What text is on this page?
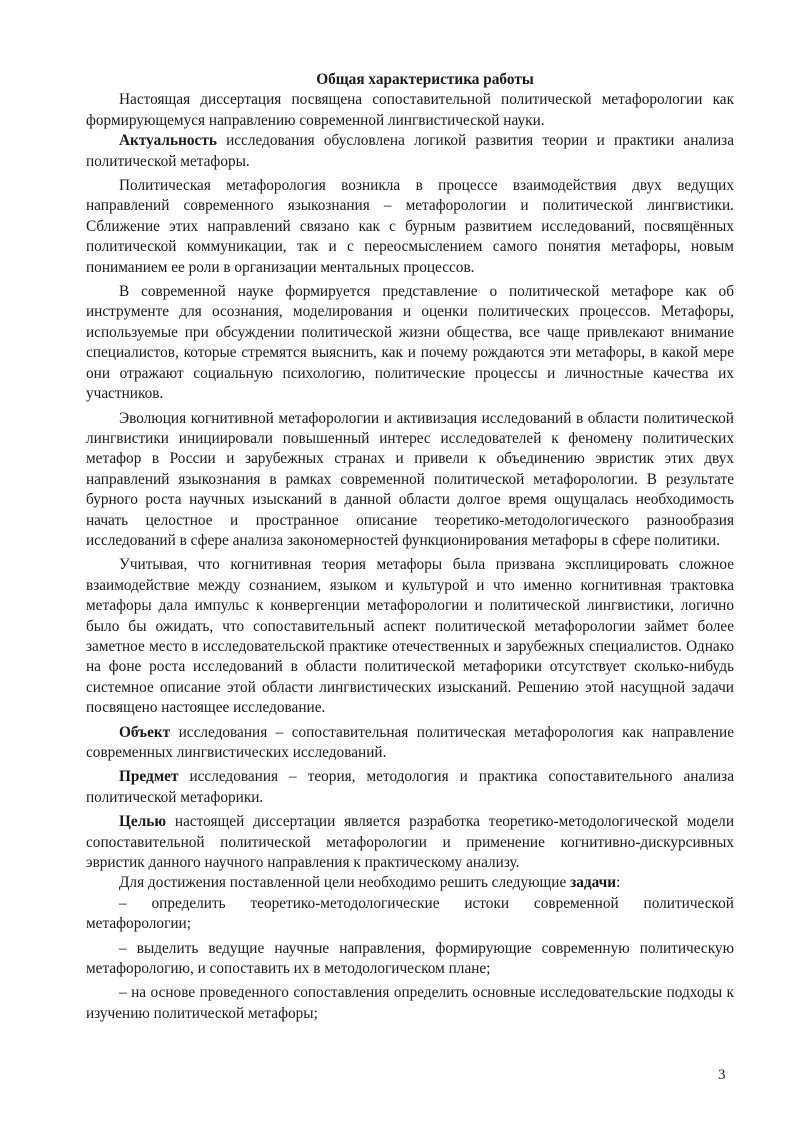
Общая характеристика работы

Настоящая диссертация посвящена сопоставительной политической метафорологии как формирующемуся направлению современной лингвистической науки.

Актуальность исследования обусловлена логикой развития теории и практики анализа политической метафоры.

Политическая метафорология возникла в процессе взаимодействия двух ведущих направлений современного языкознания – метафорологии и политической лингвистики. Сближение этих направлений связано как с бурным развитием исследований, посвящённых политической коммуникации, так и с переосмыслением самого понятия метафоры, новым пониманием ее роли в организации ментальных процессов.

В современной науке формируется представление о политической метафоре как об инструменте для осознания, моделирования и оценки политических процессов. Метафоры, используемые при обсуждении политической жизни общества, все чаще привлекают внимание специалистов, которые стремятся выяснить, как и почему рождаются эти метафоры, в какой мере они отражают социальную психологию, политические процессы и личностные качества их участников.

Эволюция когнитивной метафорологии и активизация исследований в области политической лингвистики инициировали повышенный интерес исследователей к феномену политических метафор в России и зарубежных странах и привели к объединению эвристик этих двух направлений языкознания в рамках современной политической метафорологии. В результате бурного роста научных изысканий в данной области долгое время ощущалась необходимость начать целостное и пространное описание теоретико-методологического разнообразия исследований в сфере анализа закономерностей функционирования метафоры в сфере политики.

Учитывая, что когнитивная теория метафоры была призвана эксплицировать сложное взаимодействие между сознанием, языком и культурой и что именно когнитивная трактовка метафоры дала импульс к конвергенции метафорологии и политической лингвистики, логично было бы ожидать, что сопоставительный аспект политической метафорологии займет более заметное место в исследовательской практике отечественных и зарубежных специалистов. Однако на фоне роста исследований в области политической метафорики отсутствует сколько-нибудь системное описание этой области лингвистических изысканий. Решению этой насущной задачи посвящено настоящее исследование.

Объект исследования – сопоставительная политическая метафорология как направление современных лингвистических исследований.

Предмет исследования – теория, методология и практика сопоставительного анализа политической метафорики.

Целью настоящей диссертации является разработка теоретико-методологической модели сопоставительной политической метафорологии и применение когнитивно-дискурсивных эвристик данного научного направления к практическому анализу.

Для достижения поставленной цели необходимо решить следующие задачи:

– определить теоретико-методологические истоки современной политической метафорологии;

– выделить ведущие научные направления, формирующие современную политическую метафорологию, и сопоставить их в методологическом плане;

– на основе проведенного сопоставления определить основные исследовательские подходы к изучению политической метафоры;

3
